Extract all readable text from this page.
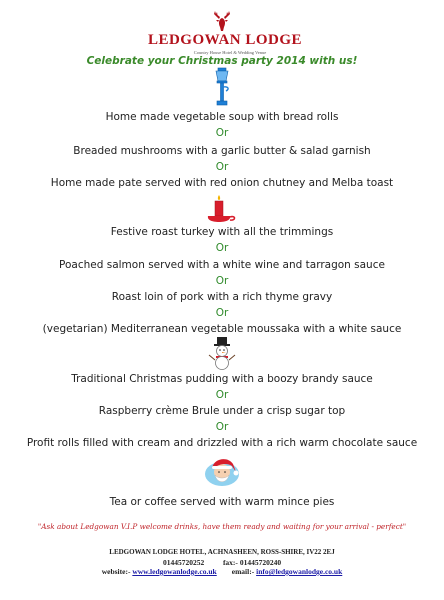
LEDGOWAN LODGE
Country House Hotel & Wedding Venue
Celebrate your Christmas party 2014 with us!
Home made vegetable soup with bread rolls
Or
Breaded mushrooms with a garlic butter & salad garnish
Or
Home made pate served with red onion chutney and Melba toast
Festive roast turkey with all the trimmings
Or
Poached salmon served with a white wine and tarragon sauce
Or
Roast loin of pork with a rich thyme gravy
Or
(vegetarian) Mediterranean vegetable moussaka with a white sauce
Traditional Christmas pudding with a boozy brandy sauce
Or
Raspberry crème Brule under a crisp sugar top
Or
Profit rolls filled with cream and drizzled with a rich warm chocolate sauce
Tea or coffee served with warm mince pies
"Ask about Ledgowan V.I.P welcome drinks, have them ready and waiting for your arrival - perfect"
LEDGOWAN LODGE HOTEL, ACHNASHEEN, ROSS-SHIRE, IV22 2EJ
01445720252	fax:- 01445720240
website:- www.ledgowanlodge.co.uk email:- info@ledgowanlodge.co.uk
